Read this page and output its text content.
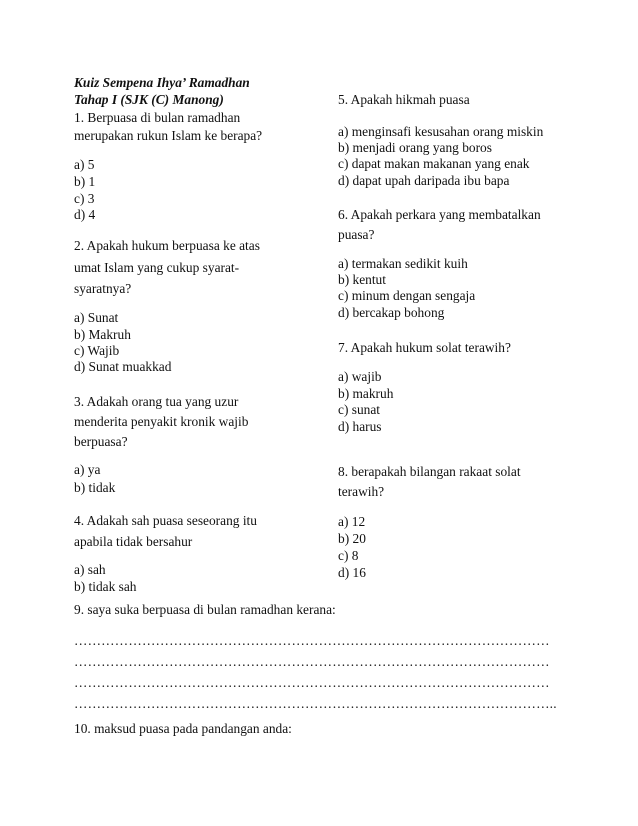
Kuiz Sempena Ihya’ Ramadhan
Tahap I (SJK (C) Manong)
1. Berpuasa di bulan ramadhan
merupakan rukun Islam ke berapa?
a) 5
b) 1
c) 3
d) 4
2. Apakah hukum berpuasa ke atas
umat Islam yang cukup syarat-
syaratnya?
a) Sunat
b) Makruh
c) Wajib
d) Sunat muakkad
3. Adakah orang tua yang uzur
menderita penyakit kronik wajib
berpuasa?
a) ya
b) tidak
4. Adakah sah puasa seseorang itu
apabila tidak bersahur
a) sah
b) tidak sah
5. Apakah hikmah puasa
a) menginsafi kesusahan orang miskin
b) menjadi orang yang boros
c) dapat makan makanan yang enak
d) dapat upah daripada ibu bapa
6. Apakah perkara yang membatalkan
puasa?
a) termakan sedikit kuih
b) kentut
c) minum dengan sengaja
d) bercakap bohong
7. Apakah hukum solat terawih?
a) wajib
b) makruh
c) sunat
d) harus
8. berapakah bilangan rakaat solat
terawih?
a) 12
b) 20
c) 8
d) 16
9. saya suka berpuasa di bulan ramadhan kerana:
……………………………………………………………………………………………
……………………………………………………………………………………………
……………………………………………………………………………………………
……………………………………………………………………………………………..
10. maksud puasa pada pandangan anda:
